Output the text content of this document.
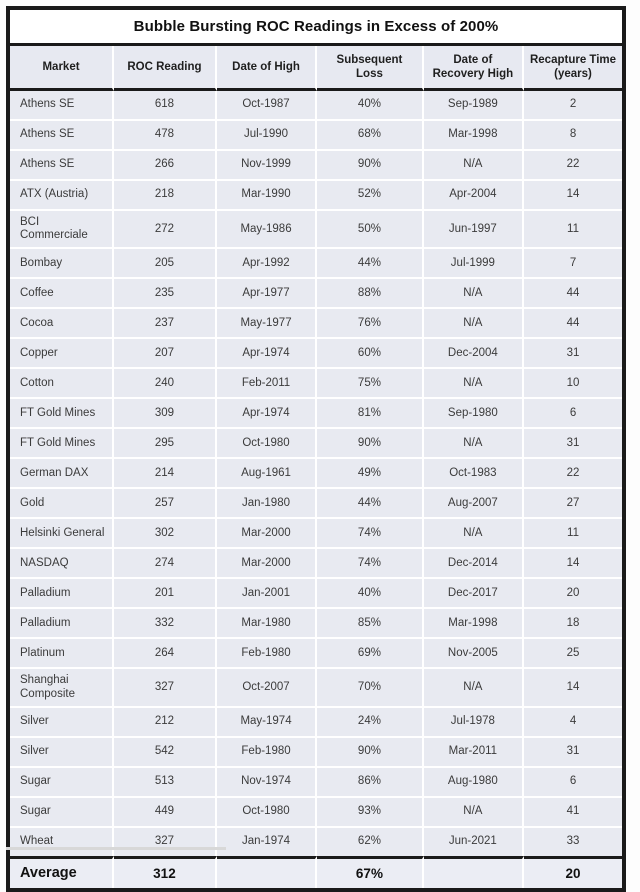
Bubble Bursting ROC Readings in Excess of 200%
Market	ROC Reading	Date of High	Subsequent Loss	Date of Recovery High	Recapture Time (years)
Athens SE	618	Oct-1987	40%	Sep-1989	2
Athens SE	478	Jul-1990	68%	Mar-1998	8
Athens SE	266	Nov-1999	90%	N/A	22
ATX (Austria)	218	Mar-1990	52%	Apr-2004	14
BCI Commerciale	272	May-1986	50%	Jun-1997	11
Bombay	205	Apr-1992	44%	Jul-1999	7
Coffee	235	Apr-1977	88%	N/A	44
Cocoa	237	May-1977	76%	N/A	44
Copper	207	Apr-1974	60%	Dec-2004	31
Cotton	240	Feb-2011	75%	N/A	10
FT Gold Mines	309	Apr-1974	81%	Sep-1980	6
FT Gold Mines	295	Oct-1980	90%	N/A	31
German DAX	214	Aug-1961	49%	Oct-1983	22
Gold	257	Jan-1980	44%	Aug-2007	27
Helsinki General	302	Mar-2000	74%	N/A	11
NASDAQ	274	Mar-2000	74%	Dec-2014	14
Palladium	201	Jan-2001	40%	Dec-2017	20
Palladium	332	Mar-1980	85%	Mar-1998	18
Platinum	264	Feb-1980	69%	Nov-2005	25
Shanghai Composite	327	Oct-2007	70%	N/A	14
Silver	212	May-1974	24%	Jul-1978	4
Silver	542	Feb-1980	90%	Mar-2011	31
Sugar	513	Nov-1974	86%	Aug-1980	6
Sugar	449	Oct-1980	93%	N/A	41
Wheat	327	Jan-1974	62%	Jun-2021	33
Average	312		67%		20
